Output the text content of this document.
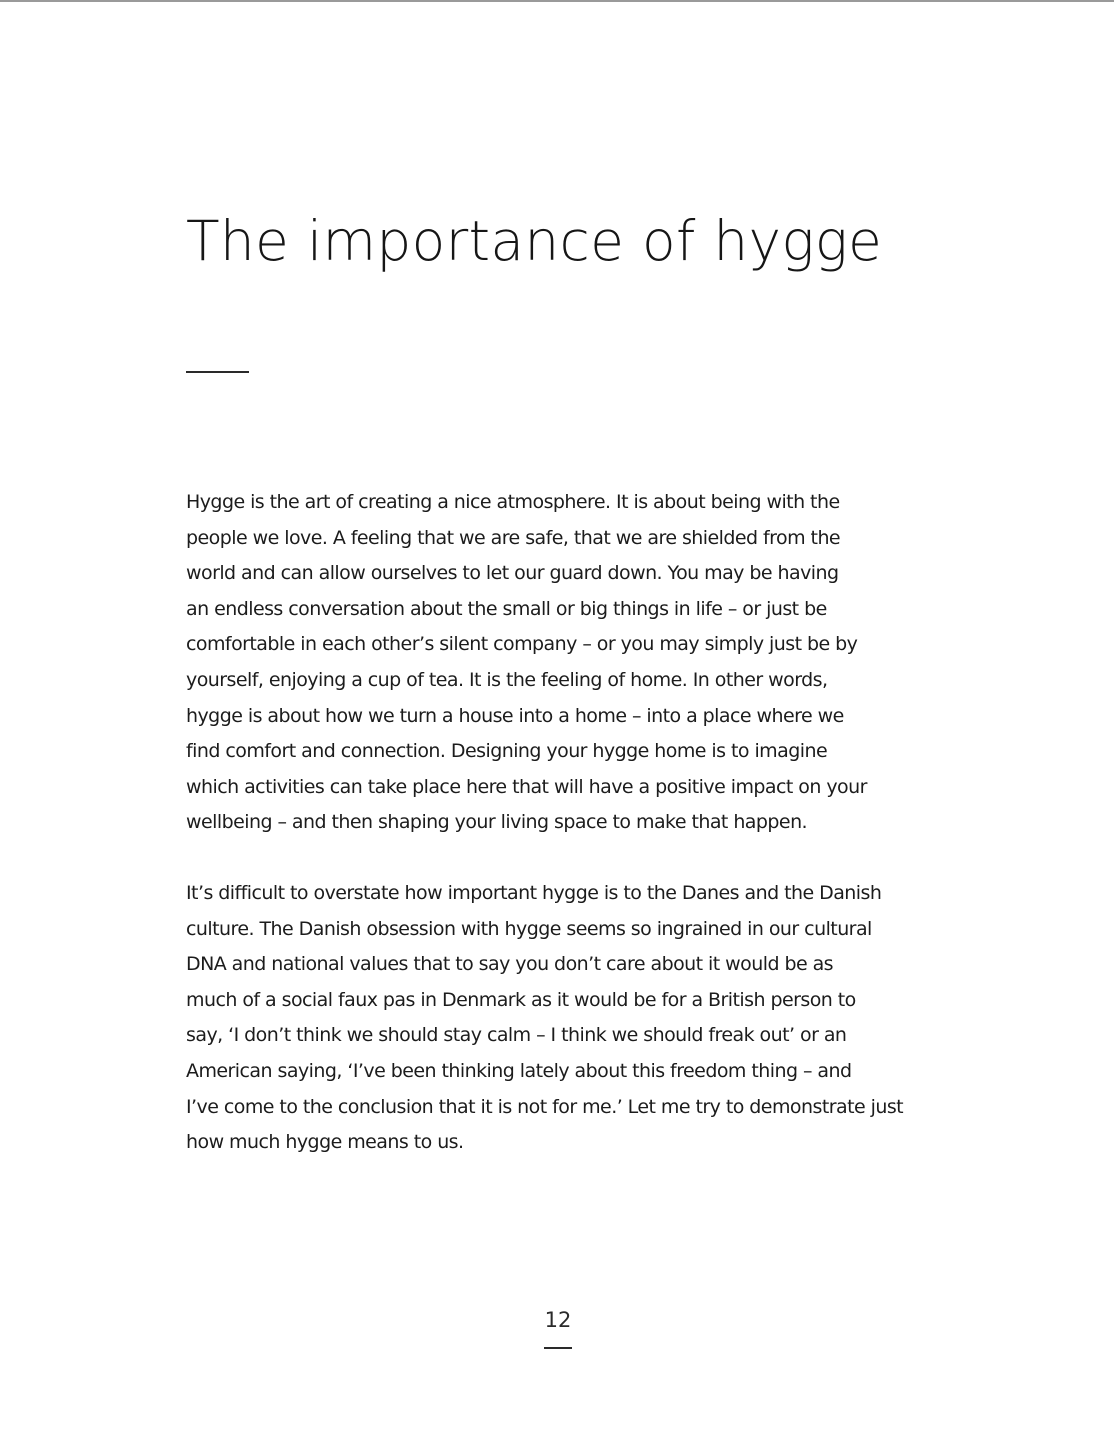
The importance of hygge

Hygge is the art of creating a nice atmosphere. It is about being with the
people we love. A feeling that we are safe, that we are shielded from the
world and can allow ourselves to let our guard down. You may be having
an endless conversation about the small or big things in life – or just be
comfortable in each other’s silent company – or you may simply just be by
yourself, enjoying a cup of tea. It is the feeling of home. In other words,
hygge is about how we turn a house into a home – into a place where we
find comfort and connection. Designing your hygge home is to imagine
which activities can take place here that will have a positive impact on your
wellbeing – and then shaping your living space to make that happen.

It’s difficult to overstate how important hygge is to the Danes and the Danish
culture. The Danish obsession with hygge seems so ingrained in our cultural
DNA and national values that to say you don’t care about it would be as
much of a social faux pas in Denmark as it would be for a British person to
say, ‘I don’t think we should stay calm – I think we should freak out’ or an
American saying, ‘I’ve been thinking lately about this freedom thing – and
I’ve come to the conclusion that it is not for me.’ Let me try to demonstrate just
how much hygge means to us.

12
